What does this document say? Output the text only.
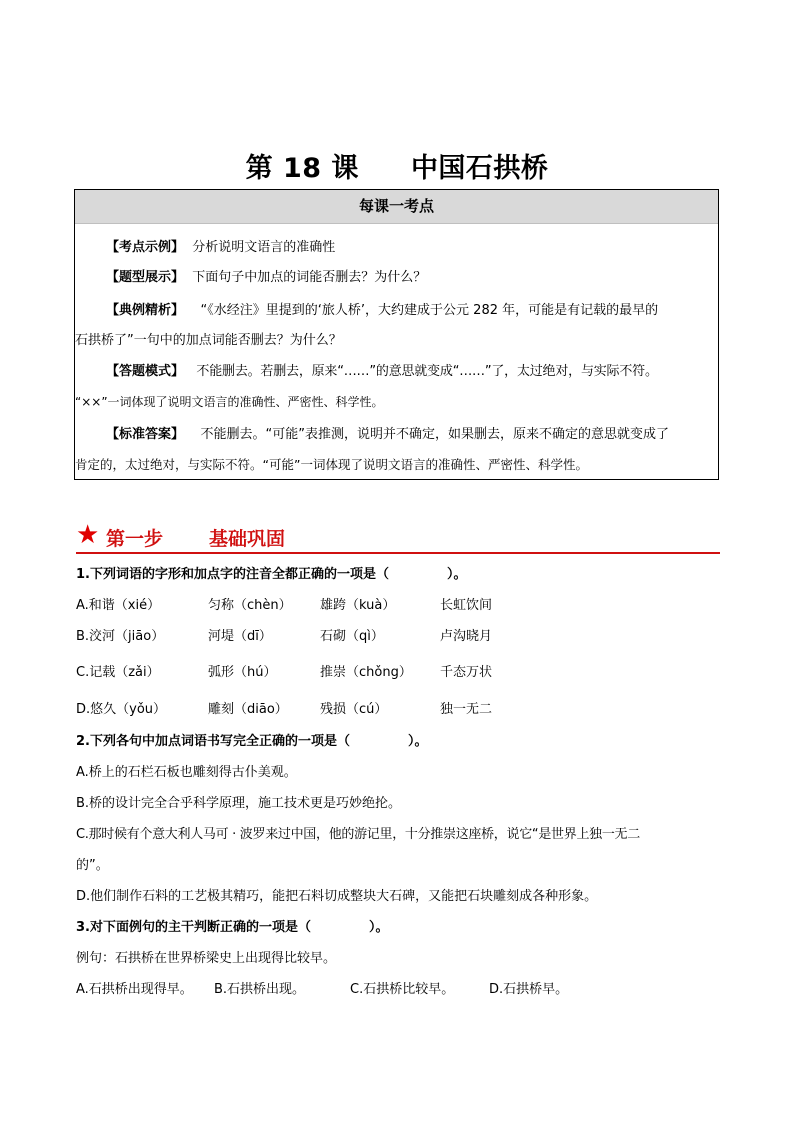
第 18 课 中国石拱桥
每课一考点

【考点示例】 分析说明文语言的准确性

【题型展示】 下面句子中加点的词能否删去？为什么？

【典例精析】 “《水经注》里提到的‘旅人桥’，大约建成于公元 282 年，可能是有记载的最早的

石拱桥了”一句中的加点词能否删去？为什么？

【答题模式】 不能删去。若删去，原来“……”的意思就变成“……”了，太过绝对，与实际不符。

“××”一词体现了说明文语言的准确性、严密性、科学性。

【标准答案】 不能删去。“可能”表推测，说明并不确定，如果删去，原来不确定的意思就变成了

肯定的，太过绝对，与实际不符。“可能”一词体现了说明文语言的准确性、严密性、科学性。

★ 第一步 基础巩固
1.下列词语的字形和加点字的注音全都正确的一项是（	）。
A.和谐（xié）	匀称（chèn） 雄跨（kuà）	长虹饮间
B.洨河（jiāo）	河堤（dī）	石砌（qì）	卢沟晓月
C.记载（zǎi）	弧形（hú）	推崇（chǒng） 千态万状
D.悠久（yǒu）	雕刻（diāo） 残损（cú）	独一无二
2.下列各句中加点词语书写完全正确的一项是（	）。
A.桥上的石栏石板也雕刻得古仆美观。
B.桥的设计完全合乎科学原理，施工技术更是巧妙绝抡。
C.那时候有个意大利人马可 · 波罗来过中国，他的游记里，十分推崇这座桥，说它“是世界上独一无二
的”。
D.他们制作石料的工艺极其精巧，能把石料切成整块大石碑，又能把石块雕刻成各种形象。
3.对下面例句的主干判断正确的一项是（	）。
例句：石拱桥在世界桥梁史上出现得比较早。
A.石拱桥出现得早。 B.石拱桥出现。	C.石拱桥比较早。	D.石拱桥早。
